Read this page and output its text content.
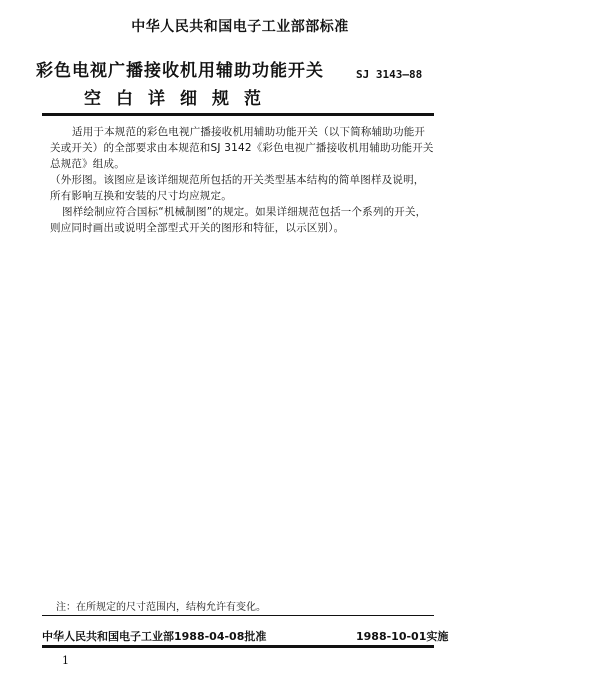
中华人民共和国电子工业部部标准
彩色电视广播接收机用辅助功能开关
空白详细规范
SJ 3143—88
适用于本规范的彩色电视广播接收机用辅助功能开关（以下简称辅助功能开关或开关）的全部要求由本规范和SJ 3142《彩色电视广播接收机用辅助功能开关总规范》组成。
（外形图。该图应是该详细规范所包括的开关类型基本结构的简单图样及说明，所有影响互换和安装的尺寸均应规定。
图样绘制应符合国标“机械制图”的规定。如果详细规范包括一个系列的开关，则应同时画出或说明全部型式开关的图形和特征，以示区别）。
注：在所规定的尺寸范围内，结构允许有变化。
中华人民共和国电子工业部1988-04-08批准	1988-10-01实施
1
